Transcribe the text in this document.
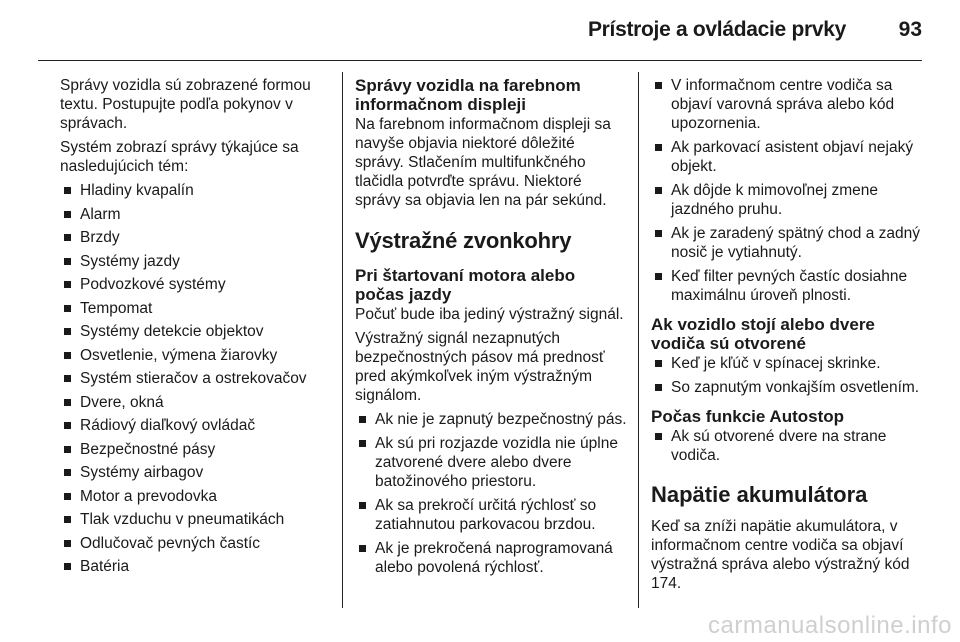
Prístroje a ovládacie prvky	93

Správy vozidla sú zobrazené formou textu. Postupujte podľa pokynov v správach.

Systém zobrazí správy týkajúce sa nasledujúcich tém:

Hladiny kvapalín
Alarm
Brzdy
Systémy jazdy
Podvozkové systémy
Tempomat
Systémy detekcie objektov
Osvetlenie, výmena žiarovky
Systém stieračov a ostrekovačov
Dvere, okná
Rádiový diaľkový ovládač
Bezpečnostné pásy
Systémy airbagov
Motor a prevodovka
Tlak vzduchu v pneumatikách
Odlučovač pevných častíc
Batéria
Správy vozidla na farebnom informačnom displeji

Na farebnom informačnom displeji sa navyše objavia niektoré dôležité správy. Stlačením multifunkčného tlačidla potvrďte správu. Niektoré správy sa objavia len na pár sekúnd.

Výstražné zvonkohry
Pri štartovaní motora alebo počas jazdy

Počuť bude iba jediný výstražný signál.

Výstražný signál nezapnutých bezpečnostných pásov má prednosť pred akýmkoľvek iným výstražným signálom.

Ak nie je zapnutý bezpečnostný pás.
Ak sú pri rozjazde vozidla nie úplne zatvorené dvere alebo dvere batožinového priestoru.
Ak sa prekročí určitá rýchlosť so zatiahnutou parkovacou brzdou.
Ak je prekročená naprogramovaná alebo povolená rýchlosť.
V informačnom centre vodiča sa objaví varovná správa alebo kód upozornenia.
Ak parkovací asistent objaví nejaký objekt.
Ak dôjde k mimovoľnej zmene jazdného pruhu.
Ak je zaradený spätný chod a zadný nosič je vytiahnutý.
Keď filter pevných častíc dosiahne maximálnu úroveň plnosti.
Ak vozidlo stojí alebo dvere vodiča sú otvorené
Keď je kľúč v spínacej skrinke.
So zapnutým vonkajším osvetlením.
Počas funkcie Autostop
Ak sú otvorené dvere na strane vodiča.
Napätie akumulátora

Keď sa zníži napätie akumulátora, v informačnom centre vodiča sa objaví výstražná správa alebo výstražný kód 174.

carmanualsonline.info
